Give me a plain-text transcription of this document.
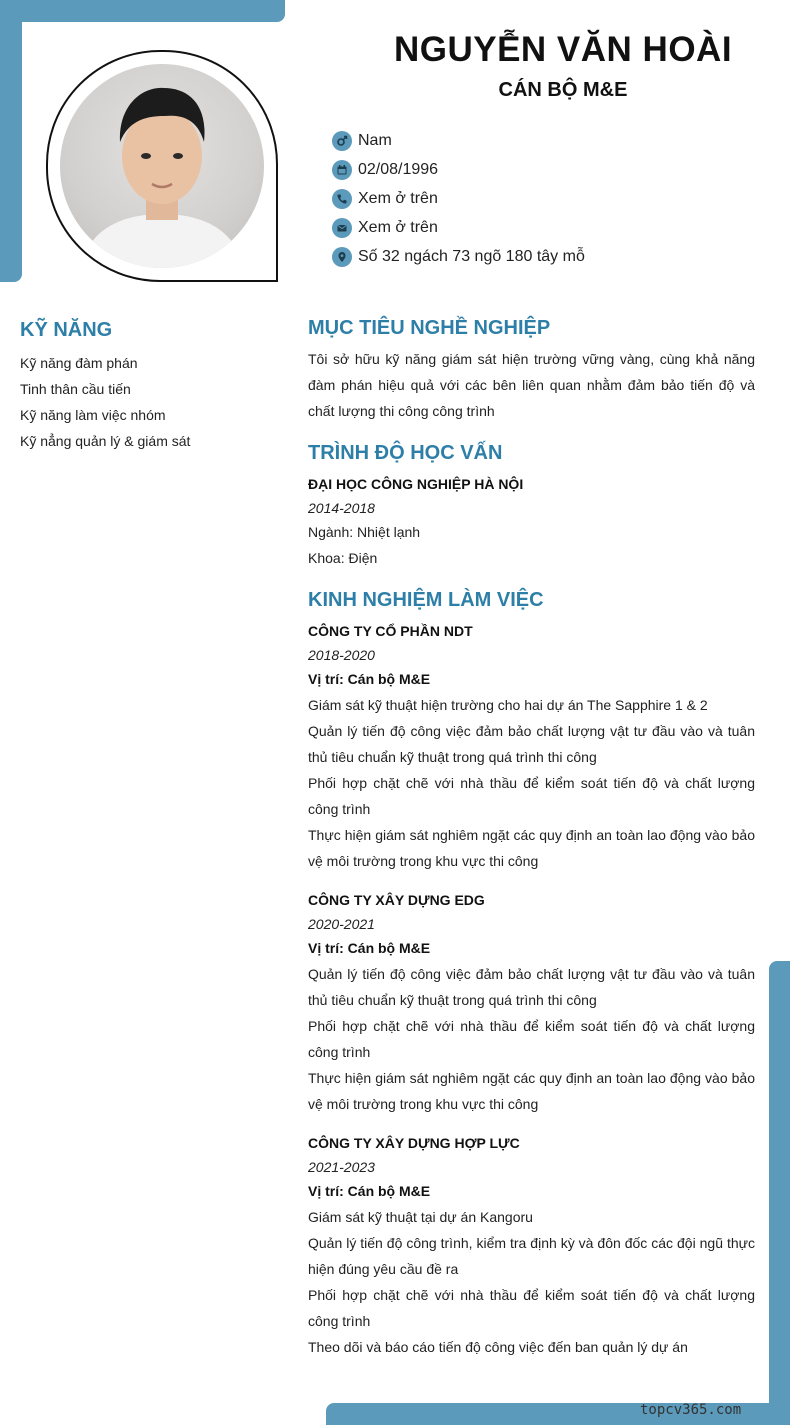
NGUYỄN VĂN HOÀI
CÁN BỘ M&E
Nam
02/08/1996
Xem ở trên
Xem ở trên
Số 32 ngách 73 ngõ 180 tây mỗ
KỸ NĂNG
Kỹ năng đàm phán
Tinh thân cầu tiến
Kỹ năng làm việc nhóm
Kỹ nẳng quản lý & giám sát
MỤC TIÊU NGHỀ NGHIỆP

Tôi sở hữu kỹ năng giám sát hiện trường vững vàng, cùng khả năng đàm phán hiệu quả với các bên liên quan nhằm đảm bảo tiến độ và chất lượng thi công công trình

TRÌNH ĐỘ HỌC VẤN
ĐẠI HỌC CÔNG NGHIỆP HÀ NỘI
2014-2018
Ngành: Nhiệt lạnh
Khoa: Điện
KINH NGHIỆM LÀM VIỆC
CÔNG TY CỔ PHẦN NDT
2018-2020
Vị trí: Cán bộ M&E

Giám sát kỹ thuật hiện trường cho hai dự án The Sapphire 1 & 2

Quản lý tiến độ công việc đảm bảo chất lượng vật tư đầu vào và tuân thủ tiêu chuẩn kỹ thuật trong quá trình thi công

Phối hợp chặt chẽ với nhà thầu để kiểm soát tiến độ và chất lượng công trình

Thực hiện giám sát nghiêm ngặt các quy định an toàn lao động vào bảo vệ môi trường trong khu vực thi công

CÔNG TY XÂY DỰNG EDG
2020-2021
Vị trí: Cán bộ M&E

Quản lý tiến độ công việc đảm bảo chất lượng vật tư đầu vào và tuân thủ tiêu chuẩn kỹ thuật trong quá trình thi công

Phối hợp chặt chẽ với nhà thầu để kiểm soát tiến độ và chất lượng công trình

Thực hiện giám sát nghiêm ngặt các quy định an toàn lao động vào bảo vệ môi trường trong khu vực thi công

CÔNG TY XÂY DỰNG HỢP LỰC
2021-2023
Vị trí: Cán bộ M&E

Giám sát kỹ thuật tại dự án Kangoru

Quản lý tiến độ công trình, kiểm tra định kỳ và đôn đốc các đội ngũ thực hiện đúng yêu cầu đề ra

Phối hợp chặt chẽ với nhà thầu để kiểm soát tiến độ và chất lượng công trình

Theo dõi và báo cáo tiến độ công việc đến ban quản lý dự án

topcv365.com
